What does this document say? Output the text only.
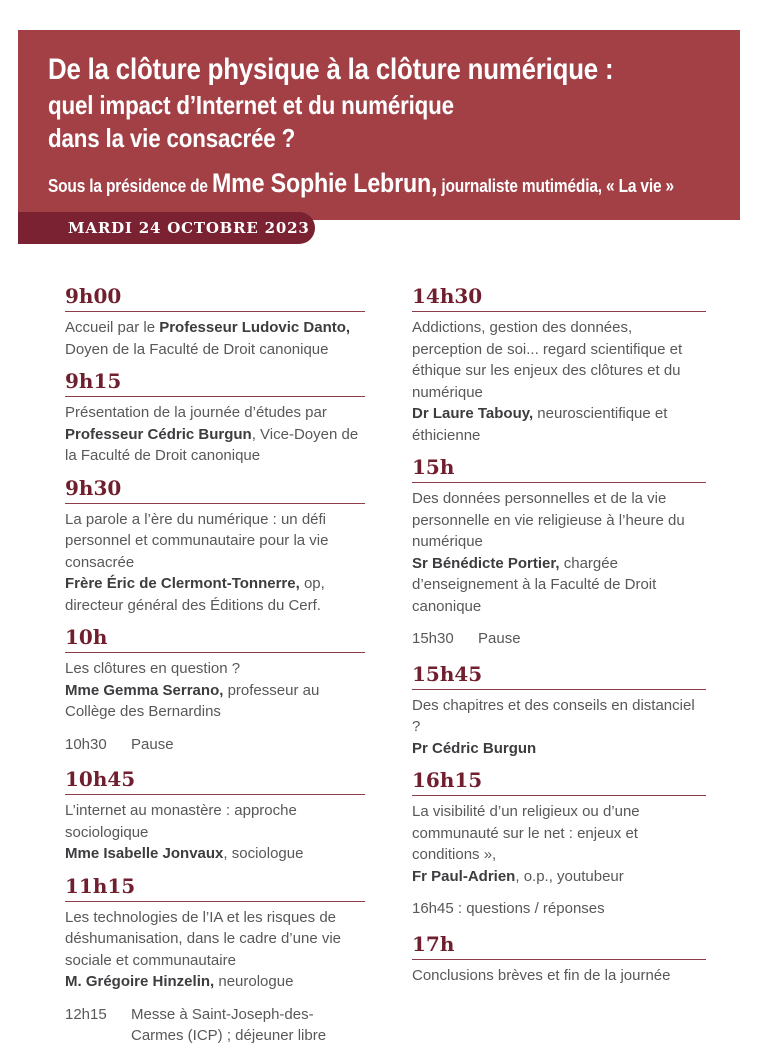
De la clôture physique à la clôture numérique :
quel impact d’Internet et du numérique
dans la vie consacrée ?
Sous la présidence de Mme Sophie Lebrun, journaliste mutimédia, « La vie »
MARDI 24 OCTOBRE 2023
9h00

Accueil par le Professeur Ludovic Danto, Doyen de la Faculté de Droit canonique

9h15

Présentation de la journée d’études par Professeur Cédric Burgun, Vice-Doyen de la Faculté de Droit canonique

9h30

La parole a l’ère du numérique : un défi personnel et communautaire pour la vie consacrée
Frère Éric de Clermont-Tonnerre, op, directeur général des Éditions du Cerf.

10h

Les clôtures en question ?
Mme Gemma Serrano, professeur au Collège des Bernardins

10h30	Pause
10h45

L’internet au monastère : approche sociologique
Mme Isabelle Jonvaux, sociologue

11h15

Les technologies de l’IA et les risques de déshumanisation, dans le cadre d’une vie sociale et communautaire
M. Grégoire Hinzelin, neurologue

12h15	Messe à Saint-Joseph-des-Carmes (ICP) ; déjeuner libre
14h30

Addictions, gestion des données, perception de soi... regard scientifique et éthique sur les enjeux des clôtures et du numérique
Dr Laure Tabouy, neuroscientifique et éthicienne

15h

Des données personnelles et de la vie personnelle en vie religieuse à l’heure du numérique
Sr Bénédicte Portier, chargée d’enseignement à la Faculté de Droit canonique

15h30	Pause
15h45

Des chapitres et des conseils en distanciel ?
Pr Cédric Burgun

16h15

La visibilité d’un religieux ou d’une communauté sur le net : enjeux et conditions »,
Fr Paul-Adrien, o.p., youtubeur

16h45 : questions / réponses
17h

Conclusions brèves et fin de la journée
